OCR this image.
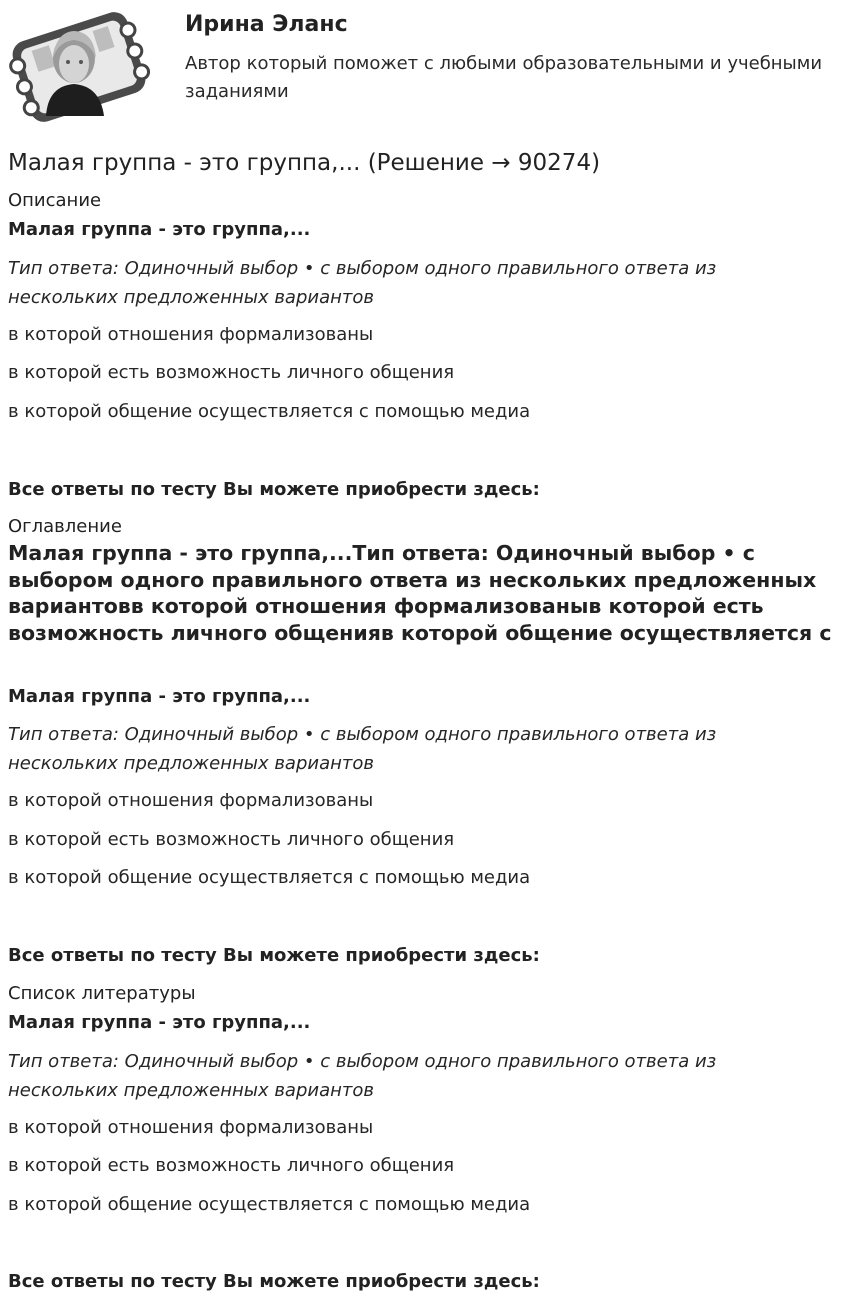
Ирина Эланс
Автор который поможет с любыми образовательными и учебными заданиями
Малая группа - это группа,... (Решение → 90274)
Описание
Малая группа - это группа,...
Тип ответа: Одиночный выбор • с выбором одного правильного ответа из нескольких предложенных вариантов
в которой отношения формализованы
в которой есть возможность личного общения
в которой общение осуществляется с помощью медиа
Все ответы по тесту Вы можете приобрести здесь:
Оглавление
Малая группа - это группа,...Тип ответа: Одиночный выбор • с выбором одного правильного ответа из нескольких предложенных вариантовв которой отношения формализованыв которой есть возможность личного общенияв которой общение осуществляется с
Малая группа - это группа,...
Тип ответа: Одиночный выбор • с выбором одного правильного ответа из нескольких предложенных вариантов
в которой отношения формализованы
в которой есть возможность личного общения
в которой общение осуществляется с помощью медиа
Все ответы по тесту Вы можете приобрести здесь:
Список литературы
Малая группа - это группа,...
Тип ответа: Одиночный выбор • с выбором одного правильного ответа из нескольких предложенных вариантов
в которой отношения формализованы
в которой есть возможность личного общения
в которой общение осуществляется с помощью медиа
Все ответы по тесту Вы можете приобрести здесь:
